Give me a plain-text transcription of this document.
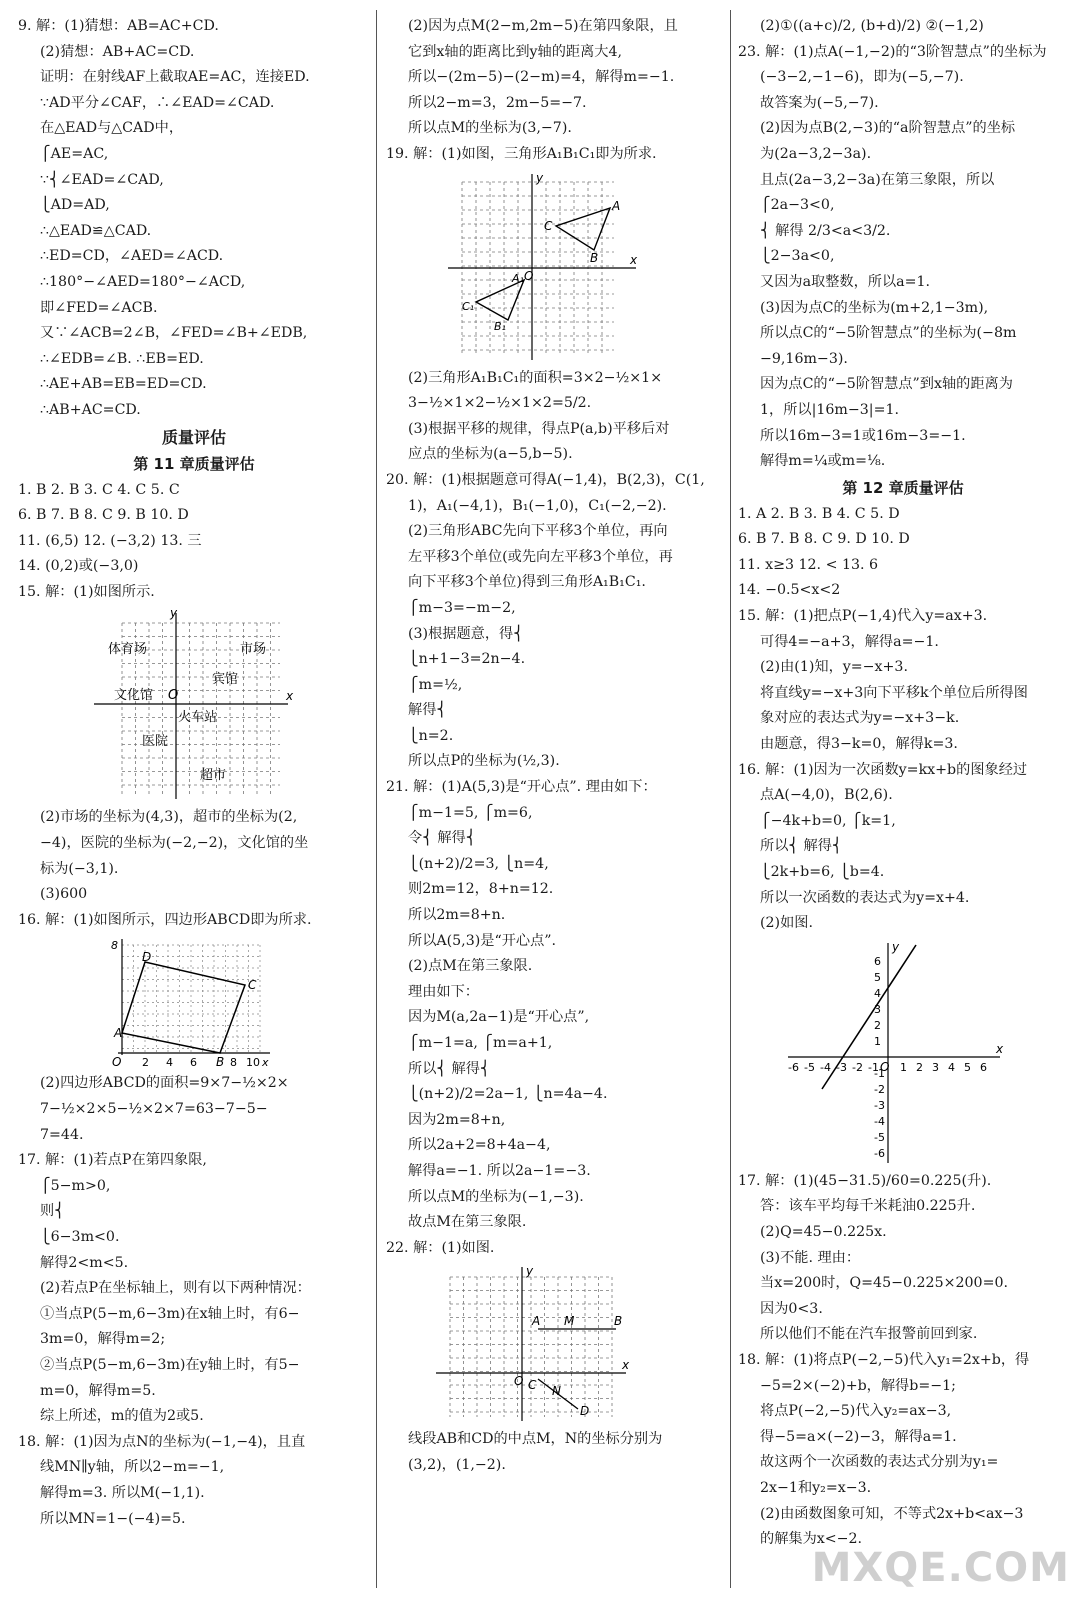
9. 解：(1)猜想：AB=AC+CD.
(2)猜想：AB+AC=CD.
证明：在射线AF上截取AE=AC，连接ED.
∵AD平分∠CAF，∴∠EAD=∠CAD.
在△EAD与△CAD中，
⎧AE=AC,
∵⎨∠EAD=∠CAD,
⎩AD=AD,
∴△EAD≌△CAD.
∴ED=CD，∠AED=∠ACD.
∴180°−∠AED=180°−∠ACD,
即∠FED=∠ACB.
又∵∠ACB=2∠B，∠FED=∠B+∠EDB,
∴∠EDB=∠B. ∴EB=ED.
∴AE+AB=EB=ED=CD.
∴AB+AC=CD.
质量评估
第 11 章质量评估
1. B 2. B 3. C 4. C 5. C
6. B 7. B 8. C 9. B 10. D
11. (6,5) 12. (−3,2) 13. 三
14. (0,2)或(−3,0)
15. 解：(1)如图所示.
x
y
O
体育场	市场
宾馆
文化馆
火车站
医院
超市
(2)市场的坐标为(4,3)，超市的坐标为(2,
−4)，医院的坐标为(−2,−2)，文化馆的坐
标为(−3,1).
(3)600
16. 解：(1)如图所示，四边形ABCD即为所求.
8
A
B
C
D
O 2 4 6	8 10 x
(2)四边形ABCD的面积=9×7−½×2×
7−½×2×5−½×2×7=63−7−5−
7=44.
17. 解：(1)若点P在第四象限,
⎧5−m>0,
则⎨
⎩6−3m<0.
解得2<m<5.
(2)若点P在坐标轴上，则有以下两种情况：
①当点P(5−m,6−3m)在x轴上时，有6−
3m=0，解得m=2;
②当点P(5−m,6−3m)在y轴上时，有5−
m=0，解得m=5.
综上所述，m的值为2或5.
18. 解：(1)因为点N的坐标为(−1,−4)，且直
线MN∥y轴，所以2−m=−1,
解得m=3. 所以M(−1,1).
所以MN=1−(−4)=5.
(2)因为点M(2−m,2m−5)在第四象限，且
它到x轴的距离比到y轴的距离大4,
所以−(2m−5)−(2−m)=4，解得m=−1.
所以2−m=3，2m−5=−7.
所以点M的坐标为(3,−7).
19. 解：(1)如图，三角形A₁B₁C₁即为所求.
A
B
C
A₁
B₁
C₁
O
x
y
(2)三角形A₁B₁C₁的面积=3×2−½×1×
3−½×1×2−½×1×2=5/2.
(3)根据平移的规律，得点P(a,b)平移后对
应点的坐标为(a−5,b−5).
20. 解：(1)根据题意可得A(−1,4)，B(2,3)，C(1,
1)，A₁(−4,1)，B₁(−1,0)，C₁(−2,−2).
(2)三角形ABC先向下平移3个单位，再向
左平移3个单位(或先向左平移3个单位，再
向下平移3个单位)得到三角形A₁B₁C₁.
⎧m−3=−m−2,
(3)根据题意，得⎨
⎩n+1−3=2n−4.
⎧m=½,
解得⎨
⎩n=2.
所以点P的坐标为(½,3).
21. 解：(1)A(5,3)是“开心点”. 理由如下：
⎧m−1=5, ⎧m=6,
令⎨ 解得⎨
⎩(n+2)/2=3, ⎩n=4,
则2m=12，8+n=12.
所以2m=8+n.
所以A(5,3)是“开心点”.
(2)点M在第三象限.
理由如下：
因为M(a,2a−1)是“开心点”,
⎧m−1=a, ⎧m=a+1,
所以⎨ 解得⎨
⎩(n+2)/2=2a−1, ⎩n=4a−4.
因为2m=8+n,
所以2a+2=8+4a−4,
解得a=−1. 所以2a−1=−3.
所以点M的坐标为(−1,−3).
故点M在第三象限.
22. 解：(1)如图.
A M	B
C N
D
O
x
y
线段AB和CD的中点M，N的坐标分别为
(3,2)，(1,−2).
(2)①((a+c)/2, (b+d)/2) ②(−1,2)
23. 解：(1)点A(−1,−2)的“3阶智慧点”的坐标为
(−3−2,−1−6)，即为(−5,−7).
故答案为(−5,−7).
(2)因为点B(2,−3)的“a阶智慧点”的坐标
为(2a−3,2−3a).
且点(2a−3,2−3a)在第三象限，所以
⎧2a−3<0,
⎨ 解得 2/3<a<3/2.
⎩2−3a<0,
又因为a取整数，所以a=1.
(3)因为点C的坐标为(m+2,1−3m),
所以点C的“−5阶智慧点”的坐标为(−8m
−9,16m−3).
因为点C的“−5阶智慧点”到x轴的距离为
1，所以|16m−3|=1.
所以16m−3=1或16m−3=−1.
解得m=¼或m=⅛.
第 12 章质量评估
1. A 2. B 3. B 4. C 5. D
6. B 7. B 8. C 9. D 10. D
11. x≥3 12. < 13. 6
14. −0.5<x<2
15. 解：(1)把点P(−1,4)代入y=ax+3.
可得4=−a+3，解得a=−1.
(2)由(1)知，y=−x+3.
将直线y=−x+3向下平移k个单位后所得图
象对应的表达式为y=−x+3−k.
由题意，得3−k=0，解得k=3.
16. 解：(1)因为一次函数y=kx+b的图象经过
点A(−4,0)，B(2,6).
⎧−4k+b=0, ⎧k=1,
所以⎨ 解得⎨
⎩2k+b=6, ⎩b=4.
所以一次函数的表达式为y=x+4.
(2)如图.
O
x
y
-6
-6
-5
-5
-4
-4
-3
-3
-2
-2
-1
-1 1
1
2
2
3
3
4
4
5
5
6
6
17. 解：(1)(45−31.5)/60=0.225(升).
答：该车平均每千米耗油0.225升.
(2)Q=45−0.225x.
(3)不能. 理由：
当x=200时，Q=45−0.225×200=0.
因为0<3.
所以他们不能在汽车报警前回到家.
18. 解：(1)将点P(−2,−5)代入y₁=2x+b，得
−5=2×(−2)+b，解得b=−1;
将点P(−2,−5)代入y₂=ax−3,
得−5=a×(−2)−3，解得a=1.
故这两个一次函数的表达式分别为y₁=
2x−1和y₂=x−3.
(2)由函数图象可知，不等式2x+b<ax−3
的解集为x<−2.
MXQE.COM
